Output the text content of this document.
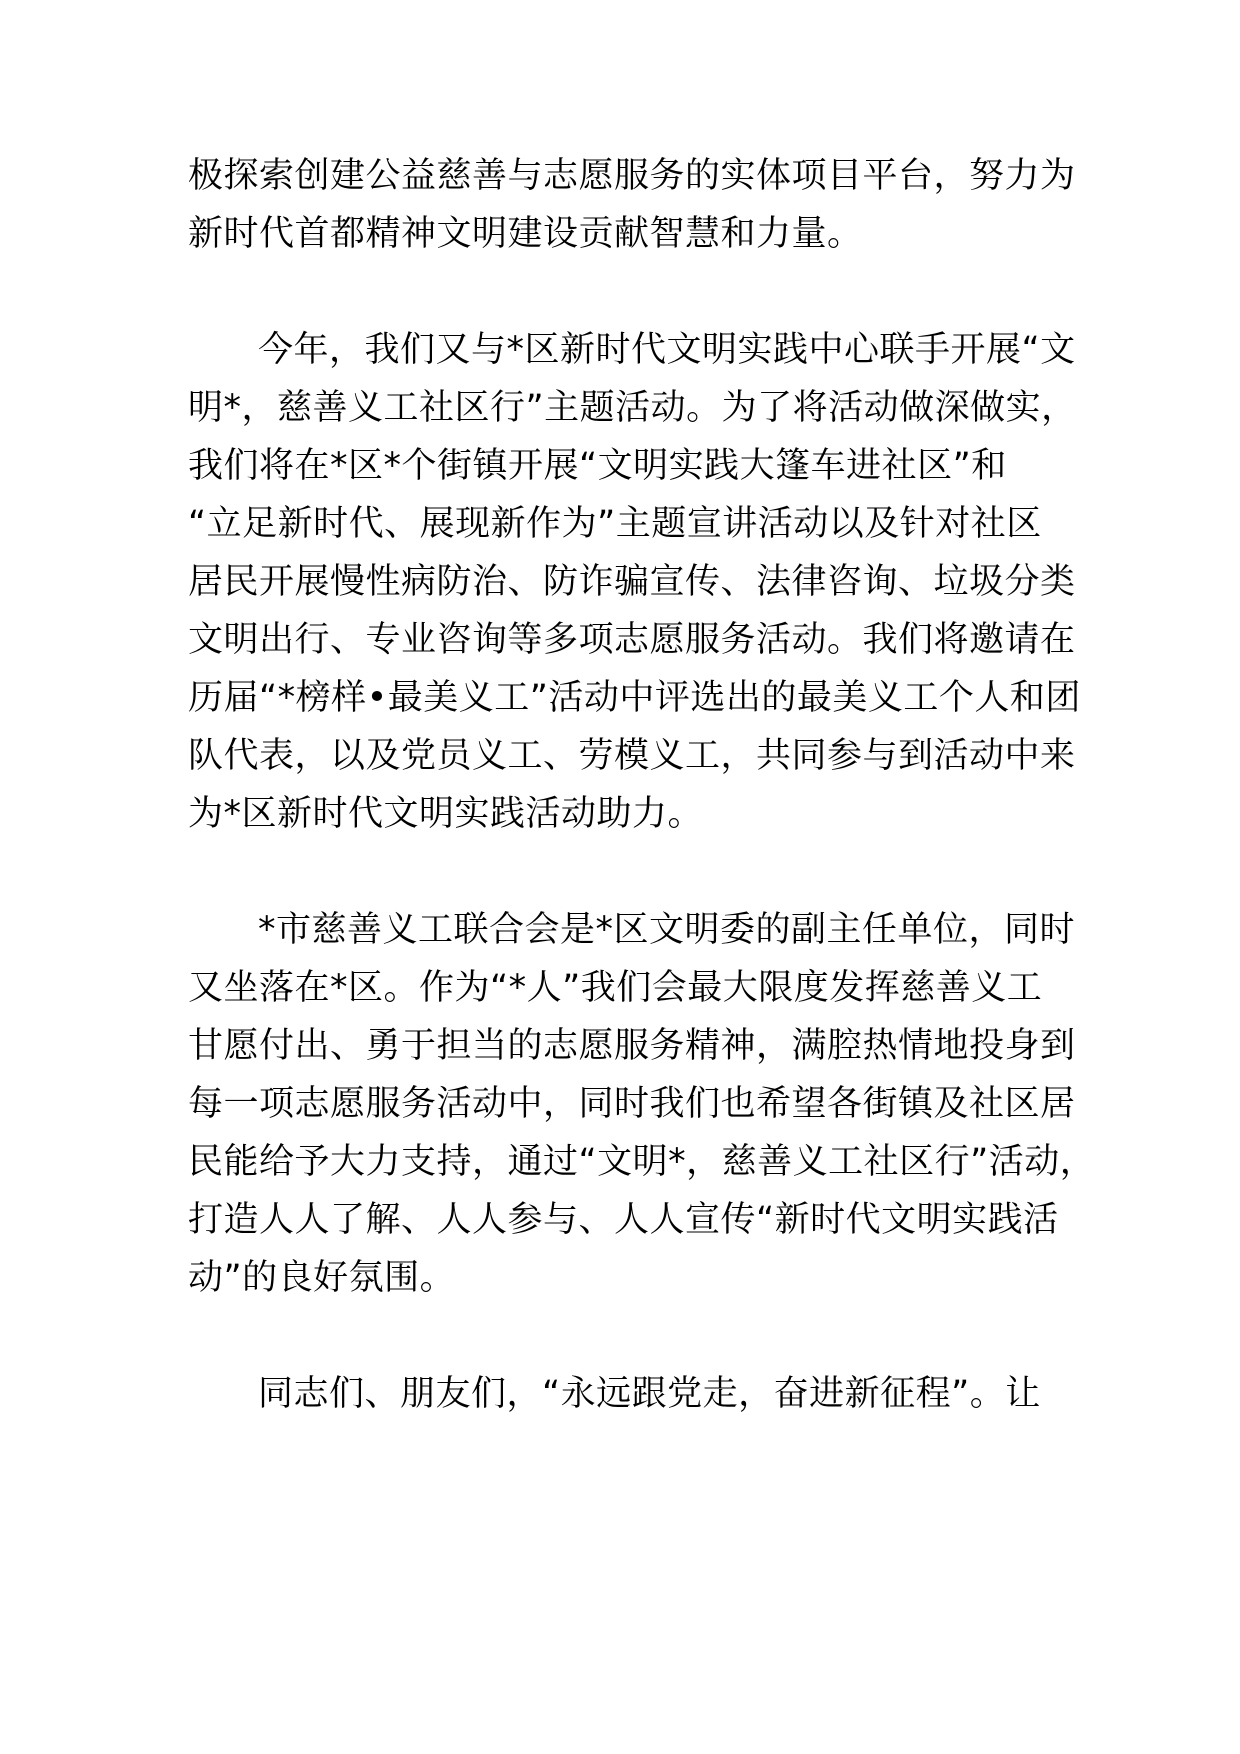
极探索创建公益慈善与志愿服务的实体项目平台，努力为
新时代首都精神文明建设贡献智慧和力量。
今年，我们又与*区新时代文明实践中心联手开展“文
明*，慈善义工社区行”主题活动。为了将活动做深做实，
我们将在*区*个街镇开展“文明实践大篷车进社区”和
“立足新时代、展现新作为”主题宣讲活动以及针对社区
居民开展慢性病防治、防诈骗宣传、法律咨询、垃圾分类
文明出行、专业咨询等多项志愿服务活动。我们将邀请在
历届“*榜样•最美义工”活动中评选出的最美义工个人和团
队代表，以及党员义工、劳模义工，共同参与到活动中来
为*区新时代文明实践活动助力。
*市慈善义工联合会是*区文明委的副主任单位，同时
又坐落在*区。作为“*人”我们会最大限度发挥慈善义工
甘愿付出、勇于担当的志愿服务精神，满腔热情地投身到
每一项志愿服务活动中，同时我们也希望各街镇及社区居
民能给予大力支持，通过“文明*，慈善义工社区行”活动，
打造人人了解、人人参与、人人宣传“新时代文明实践活
动”的良好氛围。
同志们、朋友们，“永远跟党走，奋进新征程”。让
